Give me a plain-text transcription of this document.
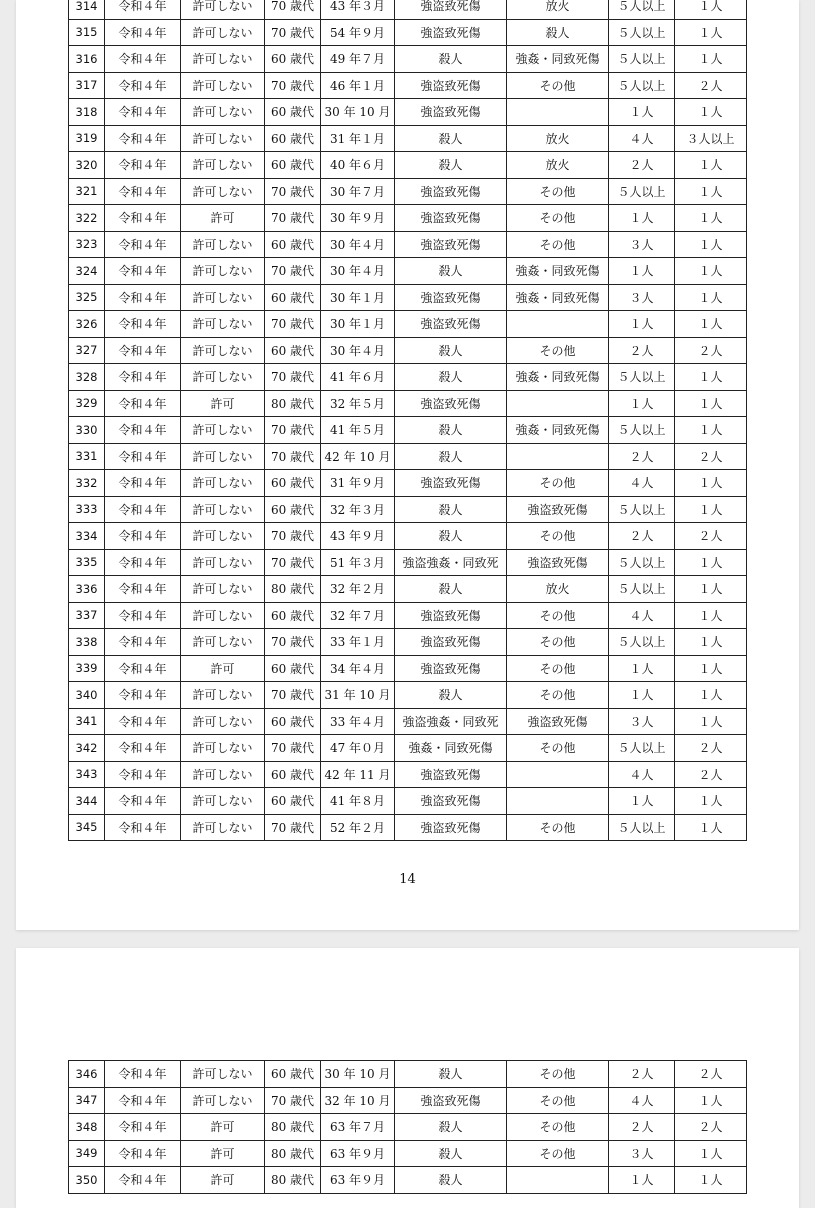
314	令和４年	許可しない	70 歳代	43 年３月	強盗致死傷	放火	５人以上	１人
315	令和４年	許可しない	70 歳代	54 年９月	強盗致死傷	殺人	５人以上	１人
316	令和４年	許可しない	60 歳代	49 年７月	殺人	強姦・同致死傷	５人以上	１人
317	令和４年	許可しない	70 歳代	46 年１月	強盗致死傷	その他	５人以上	２人
318	令和４年	許可しない	60 歳代	30 年 10 月	強盗致死傷		１人	１人
319	令和４年	許可しない	60 歳代	31 年１月	殺人	放火	４人	３人以上
320	令和４年	許可しない	60 歳代	40 年６月	殺人	放火	２人	１人
321	令和４年	許可しない	70 歳代	30 年７月	強盗致死傷	その他	５人以上	１人
322	令和４年	許可	70 歳代	30 年９月	強盗致死傷	その他	１人	１人
323	令和４年	許可しない	60 歳代	30 年４月	強盗致死傷	その他	３人	１人
324	令和４年	許可しない	70 歳代	30 年４月	殺人	強姦・同致死傷	１人	１人
325	令和４年	許可しない	60 歳代	30 年１月	強盗致死傷	強姦・同致死傷	３人	１人
326	令和４年	許可しない	70 歳代	30 年１月	強盗致死傷		１人	１人
327	令和４年	許可しない	60 歳代	30 年４月	殺人	その他	２人	２人
328	令和４年	許可しない	70 歳代	41 年６月	殺人	強姦・同致死傷	５人以上	１人
329	令和４年	許可	80 歳代	32 年５月	強盗致死傷		１人	１人
330	令和４年	許可しない	70 歳代	41 年５月	殺人	強姦・同致死傷	５人以上	１人
331	令和４年	許可しない	70 歳代	42 年 10 月	殺人		２人	２人
332	令和４年	許可しない	60 歳代	31 年９月	強盗致死傷	その他	４人	１人
333	令和４年	許可しない	60 歳代	32 年３月	殺人	強盗致死傷	５人以上	１人
334	令和４年	許可しない	70 歳代	43 年９月	殺人	その他	２人	２人
335	令和４年	許可しない	70 歳代	51 年３月	強盗強姦・同致死	強盗致死傷	５人以上	１人
336	令和４年	許可しない	80 歳代	32 年２月	殺人	放火	５人以上	１人
337	令和４年	許可しない	60 歳代	32 年７月	強盗致死傷	その他	４人	１人
338	令和４年	許可しない	70 歳代	33 年１月	強盗致死傷	その他	５人以上	１人
339	令和４年	許可	60 歳代	34 年４月	強盗致死傷	その他	１人	１人
340	令和４年	許可しない	70 歳代	31 年 10 月	殺人	その他	１人	１人
341	令和４年	許可しない	60 歳代	33 年４月	強盗強姦・同致死	強盗致死傷	３人	１人
342	令和４年	許可しない	70 歳代	47 年０月	強姦・同致死傷	その他	５人以上	２人
343	令和４年	許可しない	60 歳代	42 年 11 月	強盗致死傷		４人	２人
344	令和４年	許可しない	60 歳代	41 年８月	強盗致死傷		１人	１人
345	令和４年	許可しない	70 歳代	52 年２月	強盗致死傷	その他	５人以上	１人
14
346	令和４年	許可しない	60 歳代	30 年 10 月	殺人	その他	２人	２人
347	令和４年	許可しない	70 歳代	32 年 10 月	強盗致死傷	その他	４人	１人
348	令和４年	許可	80 歳代	63 年７月	殺人	その他	２人	２人
349	令和４年	許可	80 歳代	63 年９月	殺人	その他	３人	１人
350	令和４年	許可	80 歳代	63 年９月	殺人		１人	１人
